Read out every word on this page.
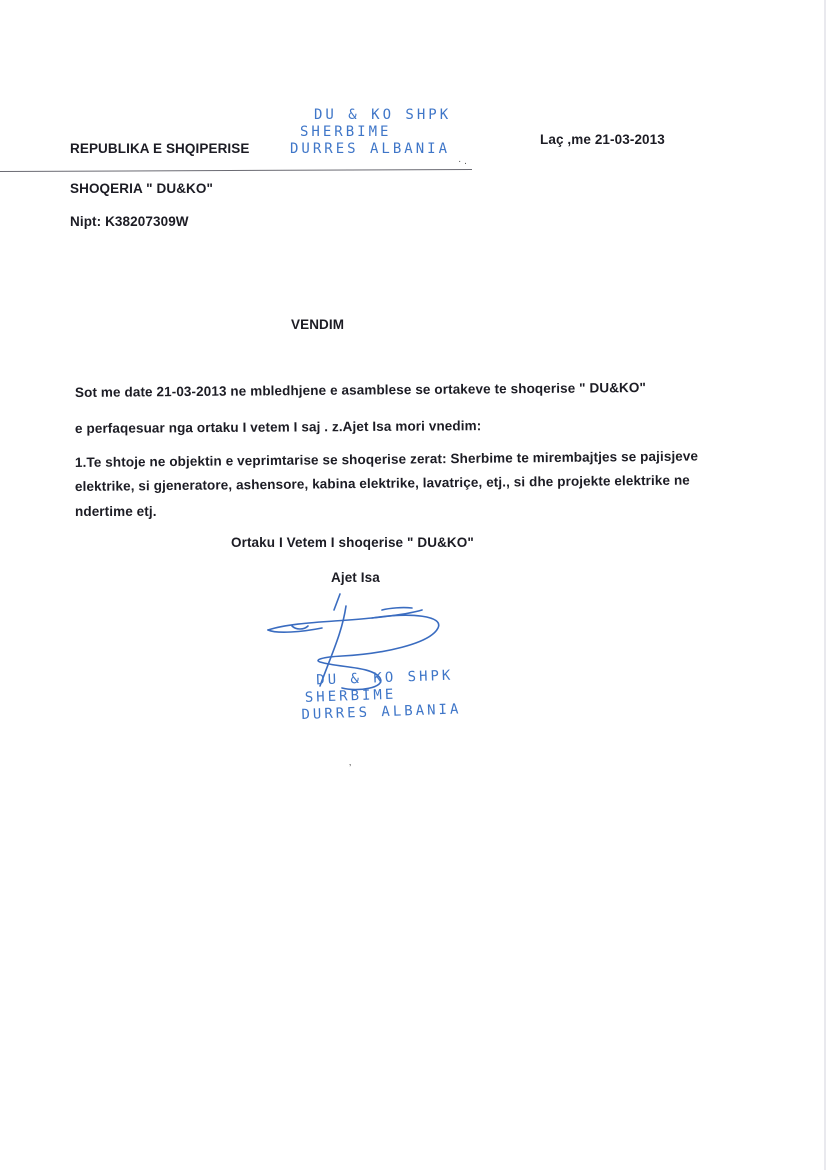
REPUBLIKA E SHQIPERISE
Laç ,me 21-03-2013
DU & KO SHPK
SHERBIME
DURRES ALBANIA
· .
SHOQERIA " DU&KO"
Nipt: K38207309W
VENDIM
Sot me date 21-03-2013 ne mbledhjene e asamblese se ortakeve te shoqerise " DU&KO"
e perfaqesuar nga ortaku I vetem I saj . z.Ajet Isa mori vnedim:
1.Te shtoje ne objektin e veprimtarise se shoqerise zerat: Sherbime te mirembajtjes se pajisjeve
elektrike, si gjeneratore, ashensore, kabina elektrike, lavatriçe, etj., si dhe projekte elektrike ne
ndertime etj.
Ortaku I Vetem I shoqerise " DU&KO"
Ajet Isa
DU & KO SHPK
SHERBIME
DURRES ALBANIA
‚
